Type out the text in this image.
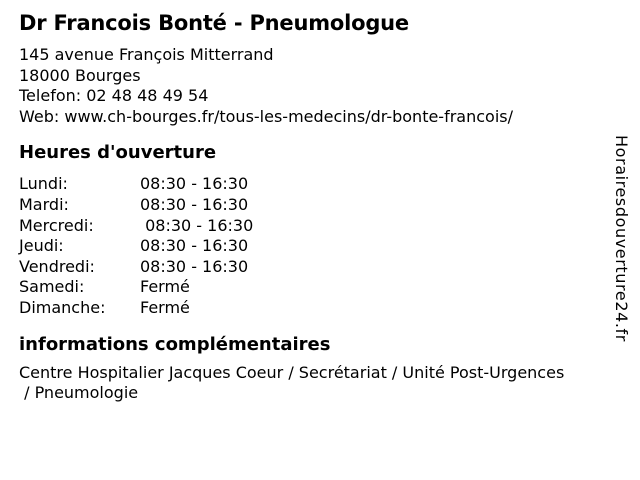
Dr Francois Bonté - Pneumologue
145 avenue François Mitterrand
18000 Bourges
Telefon: 02 48 48 49 54
Web: www.ch-bourges.fr/tous-les-medecins/dr-bonte-francois/
Heures d'ouverture
Lundi:	08:30 - 16:30
Mardi:	08:30 - 16:30
Mercredi:	08:30 - 16:30
Jeudi:	08:30 - 16:30
Vendredi:	08:30 - 16:30
Samedi:	Fermé
Dimanche: Fermé
informations complémentaires
Centre Hospitalier Jacques Coeur / Secrétariat / Unité Post-Urgences
/ Pneumologie
Horairesdouverture24.fr
